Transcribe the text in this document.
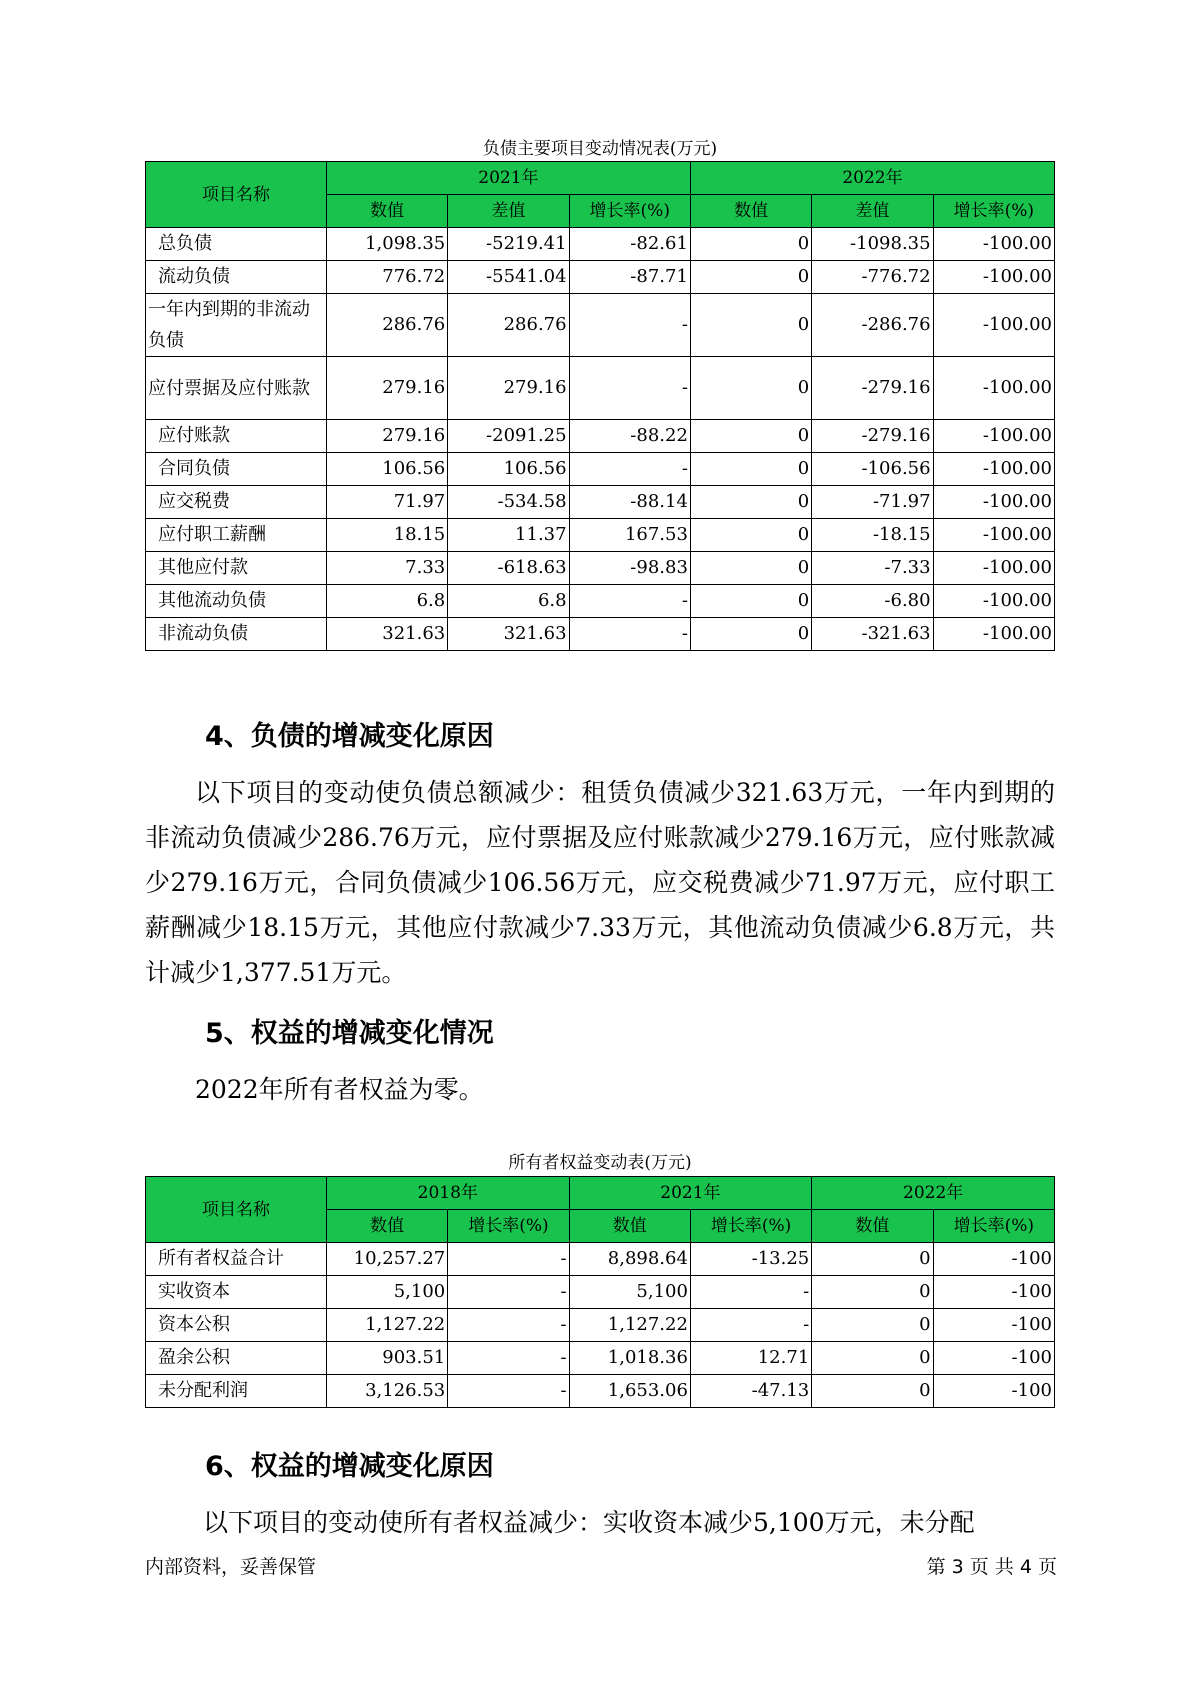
负债主要项目变动情况表(万元)
项目名称	2021年			2022年		
	数值	差值	增长率(%)	数值	差值	增长率(%)
总负债	1,098.35	-5219.41	-82.61	0	-1098.35	-100.00
流动负债	776.72	-5541.04	-87.71	0	-776.72	-100.00
一年内到期的非流动负债	286.76	286.76	-	0	-286.76	-100.00
应付票据及应付账款	279.16	279.16	-	0	-279.16	-100.00
应付账款	279.16	-2091.25	-88.22	0	-279.16	-100.00
合同负债	106.56	106.56	-	0	-106.56	-100.00
应交税费	71.97	-534.58	-88.14	0	-71.97	-100.00
应付职工薪酬	18.15	11.37	167.53	0	-18.15	-100.00
其他应付款	7.33	-618.63	-98.83	0	-7.33	-100.00
其他流动负债	6.8	6.8	-	0	-6.80	-100.00
非流动负债	321.63	321.63	-	0	-321.63	-100.00
4、负债的增减变化原因

以下项目的变动使负债总额减少：租赁负债减少321.63万元，一年内到期的非流动负债减少286.76万元，应付票据及应付账款减少279.16万元，应付账款减少279.16万元，合同负债减少106.56万元，应交税费减少71.97万元，应付职工薪酬减少18.15万元，其他应付款减少7.33万元，其他流动负债减少6.8万元，共计减少1,377.51万元。

5、权益的增减变化情况

2022年所有者权益为零。

所有者权益变动表(万元)
项目名称	2018年		2021年		2022年	
	数值	增长率(%)	数值	增长率(%)	数值	增长率(%)
所有者权益合计	10,257.27	-	8,898.64	-13.25	0	-100
实收资本	5,100	-	5,100	-	0	-100
资本公积	1,127.22	-	1,127.22	-	0	-100
盈余公积	903.51	-	1,018.36	12.71	0	-100
未分配利润	3,126.53	-	1,653.06	-47.13	0	-100
6、权益的增减变化原因

以下项目的变动使所有者权益减少：实收资本减少5,100万元，未分配

内部资料，妥善保管	第 3 页 共 4 页
